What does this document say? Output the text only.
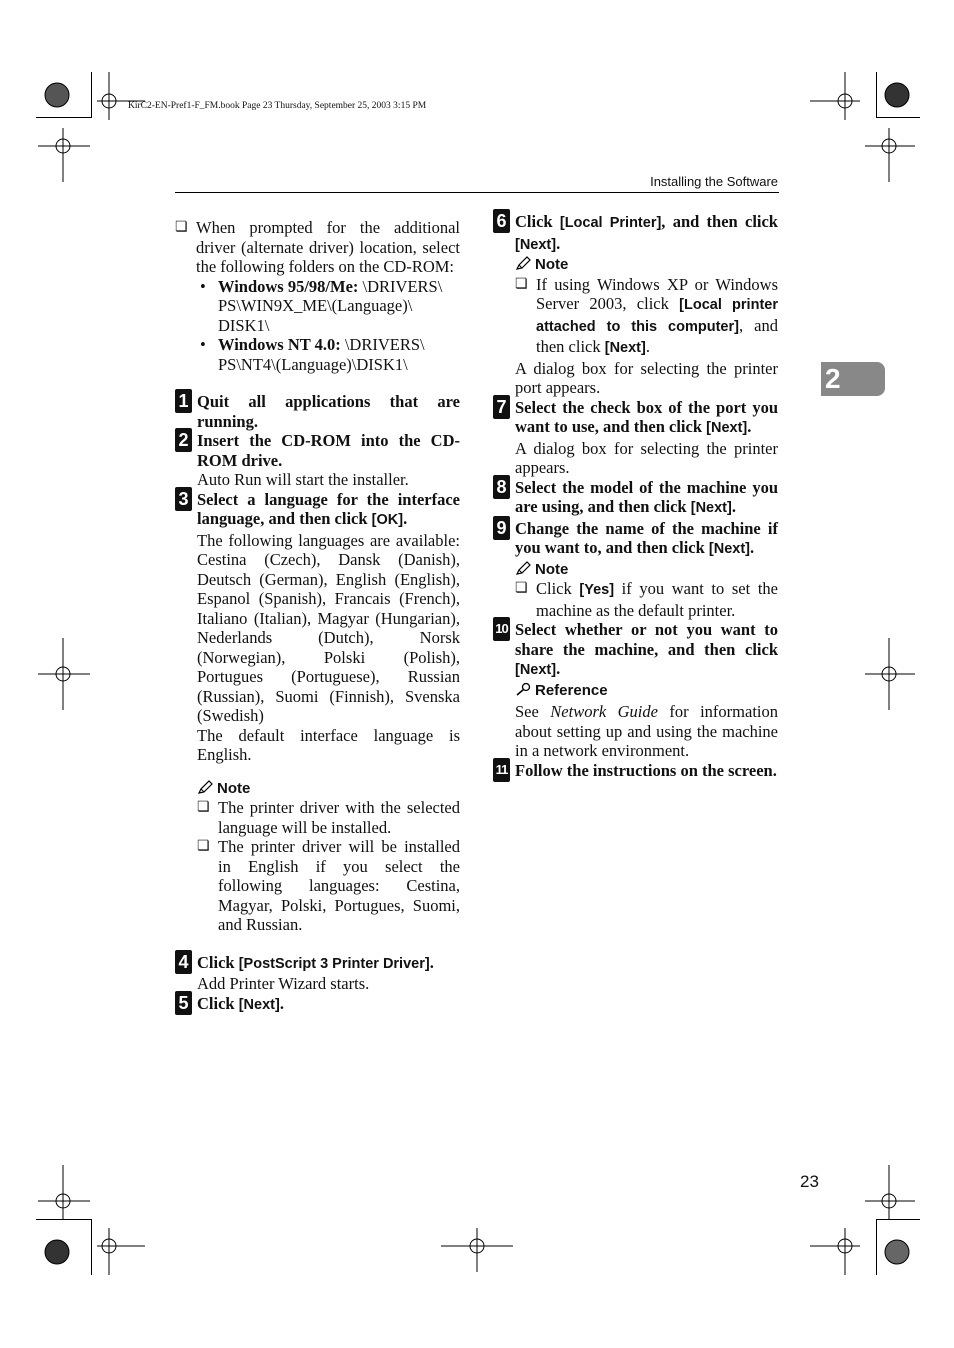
KirC2-EN-Pref1-F_FM.book Page 23 Thursday, September 25, 2003 3:15 PM
Installing the Software
2

❏ When prompted for the additional driver (alternate driver) location, select the following folders on the CD-ROM:

• Windows 95/98/Me: \DRIVERS\ PS\WIN9X_ME\(Language)\ DISK1\

• Windows NT 4.0: \DRIVERS\ PS\NT4\(Language)\DISK1\

1 Quit all applications that are running.

2 Insert the CD-ROM into the CD-ROM drive.

Auto Run will start the installer.

3 Select a language for the interface language, and then click [OK].

The following languages are available: Cestina (Czech), Dansk (Danish), Deutsch (German), English (English), Espanol (Spanish), Francais (French), Italiano (Italian), Magyar (Hungarian), Nederlands (Dutch), Norsk (Norwegian), Polski (Polish), Portugues (Portuguese), Russian (Russian), Suomi (Finnish), Svenska (Swedish)

The default interface language is English.

Note

❏ The printer driver with the selected language will be installed.

❏ The printer driver will be installed in English if you select the following languages: Cestina, Magyar, Polski, Portugues, Suomi, and Russian.

4 Click [PostScript 3 Printer Driver].

Add Printer Wizard starts.

5 Click [Next].

6 Click [Local Printer], and then click [Next].

Note

❏ If using Windows XP or Windows Server 2003, click [Local printer attached to this computer], and then click [Next].

A dialog box for selecting the printer port appears.

7 Select the check box of the port you want to use, and then click [Next].

A dialog box for selecting the printer appears.

8 Select the model of the machine you are using, and then click [Next].

9 Change the name of the machine if you want to, and then click [Next].

Note

❏ Click [Yes] if you want to set the machine as the default printer.

10 Select whether or not you want to share the machine, and then click [Next].

Reference

See Network Guide for information about setting up and using the machine in a network environment.

11 Follow the instructions on the screen.

23
